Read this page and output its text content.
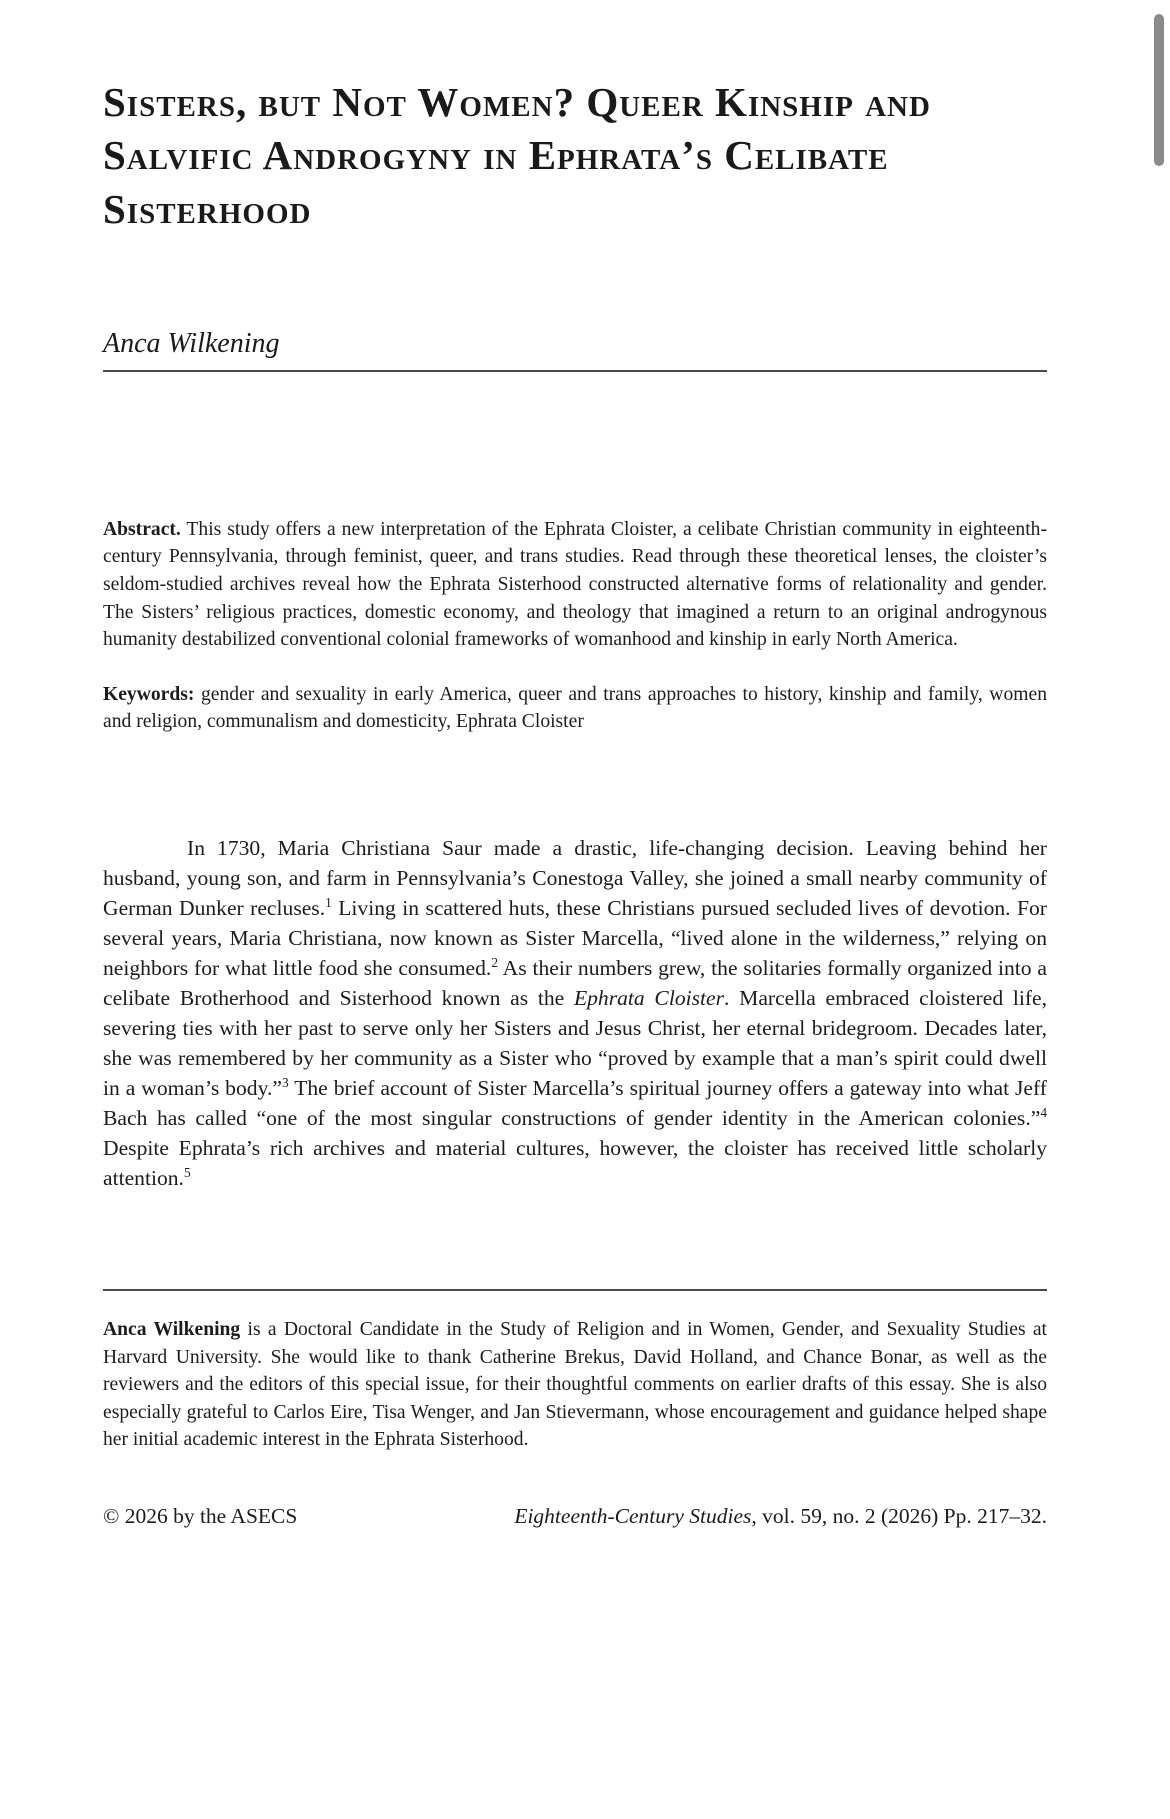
Sisters, but Not Women? Queer Kinship and Salvific Androgyny in Ephrata’s Celibate Sisterhood
Anca Wilkening

Abstract. This study offers a new interpretation of the Ephrata Cloister, a celibate Christian community in eighteenth-century Pennsylvania, through feminist, queer, and trans studies. Read through these theoretical lenses, the cloister’s seldom-studied archives reveal how the Ephrata Sisterhood constructed alternative forms of relationality and gender. The Sisters’ religious practices, domestic economy, and theology that imagined a return to an original androgynous humanity destabilized conventional colonial frameworks of womanhood and kinship in early North America.

Keywords: gender and sexuality in early America, queer and trans approaches to history, kinship and family, women and religion, communalism and domesticity, Ephrata Cloister

In 1730, Maria Christiana Saur made a drastic, life-changing decision. Leaving behind her husband, young son, and farm in Pennsylvania’s Conestoga Valley, she joined a small nearby community of German Dunker recluses.$^1$ Living in scattered huts, these Christians pursued secluded lives of devotion. For several years, Maria Christiana, now known as Sister Marcella, “lived alone in the wilderness,” relying on neighbors for what little food she consumed.$^2$ As their numbers grew, the solitaries formally organized into a celibate Brotherhood and Sisterhood known as the Ephrata Cloister. Marcella embraced cloistered life, severing ties with her past to serve only her Sisters and Jesus Christ, her eternal bridegroom. Decades later, she was remembered by her community as a Sister who “proved by example that a man’s spirit could dwell in a woman’s body.”$^3$ The brief account of Sister Marcella’s spiritual journey offers a gateway into what Jeff Bach has called “one of the most singular constructions of gender identity in the American colonies.”$^4$ Despite Ephrata’s rich archives and material cultures, however, the cloister has received little scholarly attention.$^5$

Anca Wilkening is a Doctoral Candidate in the Study of Religion and in Women, Gender, and Sexuality Studies at Harvard University. She would like to thank Catherine Brekus, David Holland, and Chance Bonar, as well as the reviewers and the editors of this special issue, for their thoughtful comments on earlier drafts of this essay. She is also especially grateful to Carlos Eire, Tisa Wenger, and Jan Stievermann, whose encouragement and guidance helped shape her initial academic interest in the Ephrata Sisterhood.

© 2026 by the ASECS	Eighteenth-Century Studies, vol. 59, no. 2 (2026) Pp. 217–32.
